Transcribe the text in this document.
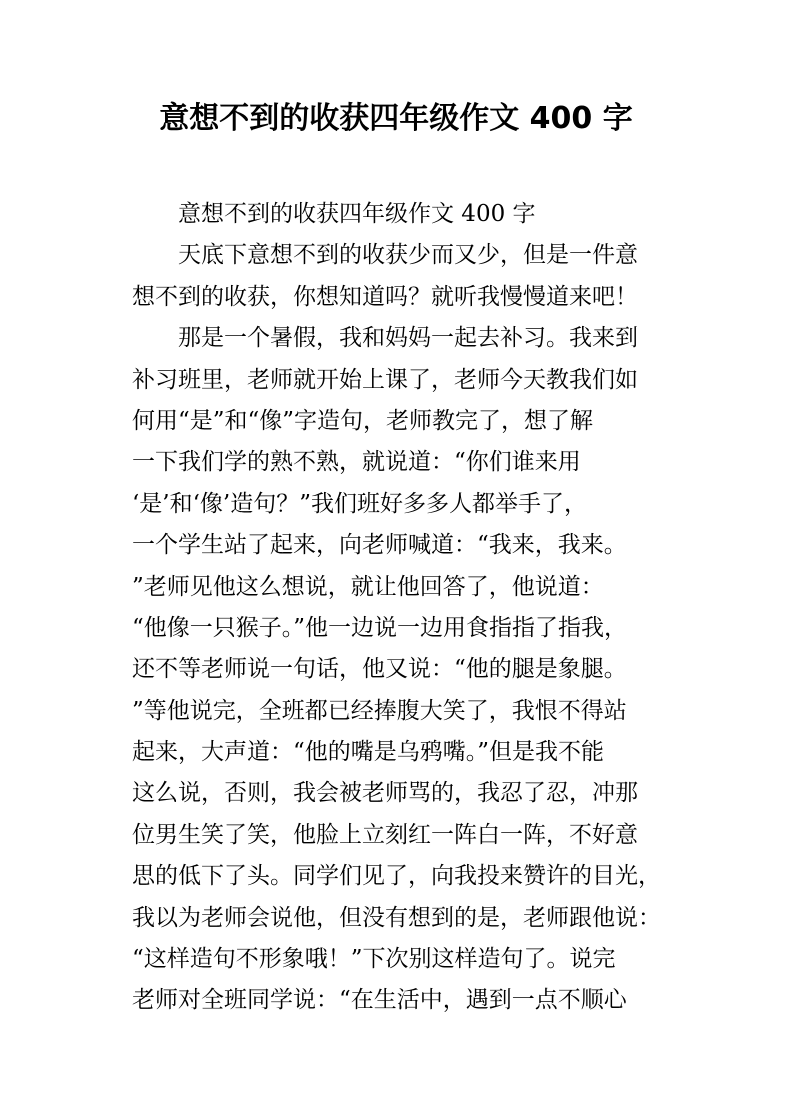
意想不到的收获四年级作文 400 字
意想不到的收获四年级作文 400 字
天底下意想不到的收获少而又少，但是一件意
想不到的收获，你想知道吗？就听我慢慢道来吧！
那是一个暑假，我和妈妈一起去补习。我来到
补习班里，老师就开始上课了，老师今天教我们如
何用“是”和“像”字造句，老师教完了，想了解
一下我们学的熟不熟，就说道：“你们谁来用
‘是’和‘像’造句？”我们班好多多人都举手了，
一个学生站了起来，向老师喊道：“我来，我来。
”老师见他这么想说，就让他回答了，他说道：
“他像一只猴子。”他一边说一边用食指指了指我，
还不等老师说一句话，他又说：“他的腿是象腿。
”等他说完，全班都已经捧腹大笑了，我恨不得站
起来，大声道：“他的嘴是乌鸦嘴。”但是我不能
这么说，否则，我会被老师骂的，我忍了忍，冲那
位男生笑了笑，他脸上立刻红一阵白一阵，不好意
思的低下了头。同学们见了，向我投来赞许的目光，
我以为老师会说他，但没有想到的是，老师跟他说：
“这样造句不形象哦！”下次别这样造句了。说完
老师对全班同学说：“在生活中，遇到一点不顺心
